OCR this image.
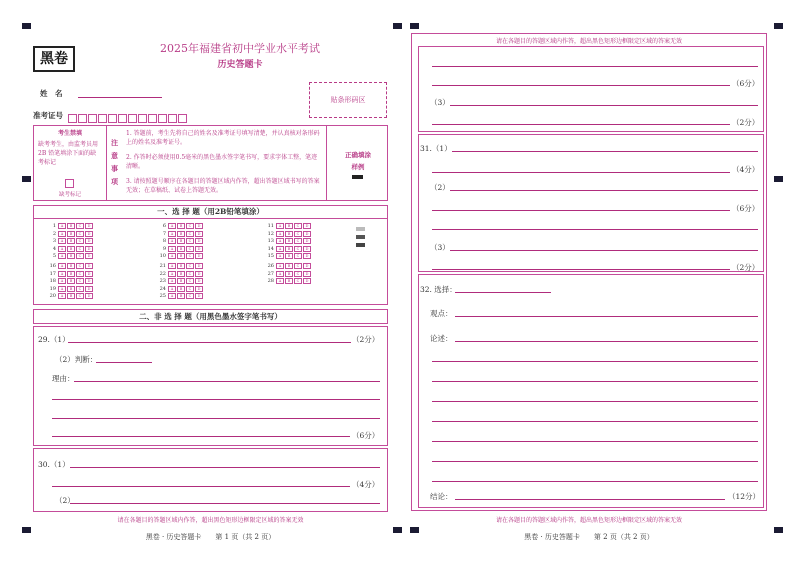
黑卷
2025年福建省初中学业水平考试
历史答题卡
贴条形码区
姓　名
准考证号
考生禁填
缺考考生，由监考员用 2B 铅笔填涂下面的缺考标记
缺考标记
注意事项
1. 答题前，考生先将自己的姓名及准考证号填写清楚，并认真核对条形码上的姓名及准考证号。
2. 作答时必须使用0.5毫米的黑色墨水签字笔书写，要求字体工整，笔迹清晰。
3. 请按照题号顺序在各题目的答题区域内作答，超出答题区域书写的答案无效；在草稿纸、试卷上答题无效。
正确填涂
样例
一、选 择 题（用2B铅笔填涂）
1 A B C D
2 A B C D
3 A B C D
4 A B C D
5 A B C D
6 A B C D
7 A B C D
8 A B C D
9 A B C D
10 A B C D
11 A B C D
12 A B C D
13 A B C D
14 A B C D
15 A B C D
16 A B C D
17 A B C D
18 A B C D
19 A B C D
20 A B C D
21 A B C D
22 A B C D
23 A B C D
24 A B C D
25 A B C D
26 A B C D
27 A B C D
28 A B C D
二、非 选 择 题（用黑色墨水签字笔书写）
29.（1）	（2分）
（2）判断：
理由：
（6分）
30.（1）
（4分）
（2）
请在各题目的答题区域内作答，超出黑色矩形边框限定区域的答案无效
黑卷 · 历史答题卡　　第 1 页（共 2 页）
请在各题目的答题区域内作答，超出黑色矩形边框限定区域的答案无效
（6分）
（3）
（2分）
31.（1）
（4分）
（2）
（6分）
（3）
（2分）
32. 选择：
观点：
论述：
结论：	（12分）
请在各题目的答题区域内作答，超出黑色矩形边框限定区域的答案无效
黑卷 · 历史答题卡　　第 2 页（共 2 页）
